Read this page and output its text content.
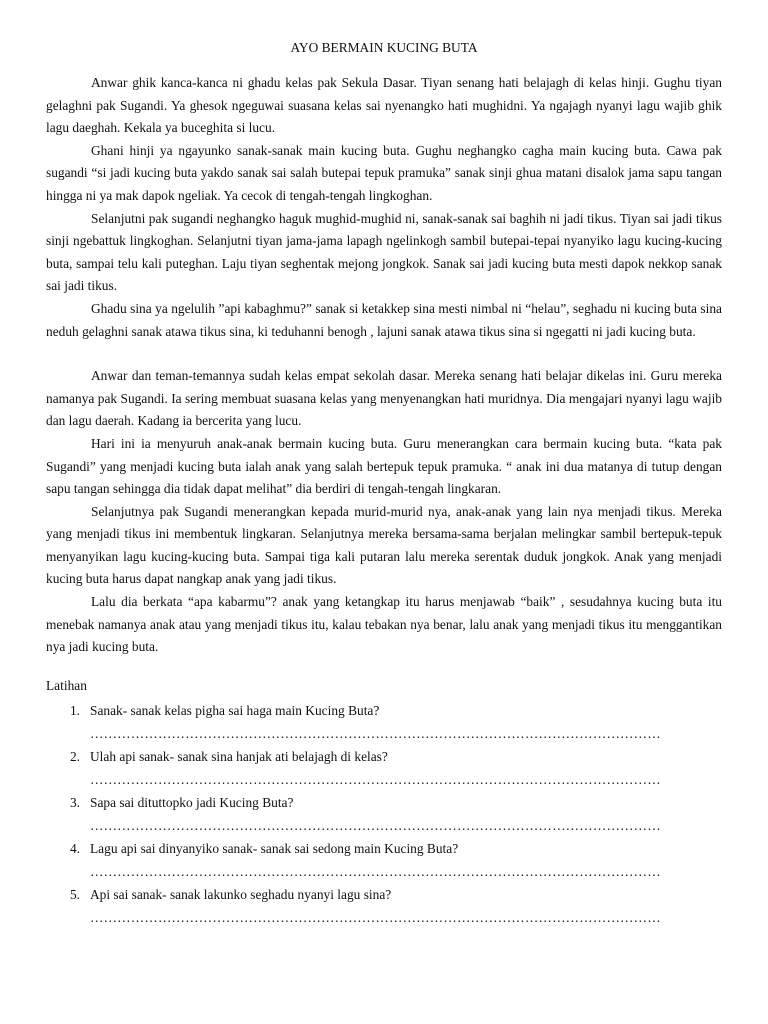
AYO BERMAIN KUCING BUTA

Anwar ghik kanca-kanca ni ghadu kelas pak Sekula Dasar. Tiyan senang hati belajagh di kelas hinji. Gughu tiyan gelaghni pak Sugandi. Ya ghesok ngeguwai suasana kelas sai nyenangko hati mughidni. Ya ngajagh nyanyi lagu wajib ghik lagu daeghah. Kekala ya buceghita si lucu.

Ghani hinji ya ngayunko sanak-sanak main kucing buta. Gughu neghangko cagha main kucing buta. Cawa pak sugandi “si jadi kucing buta yakdo sanak sai salah butepai tepuk pramuka” sanak sinji ghua matani disalok jama sapu tangan hingga ni ya mak dapok ngeliak. Ya cecok di tengah-tengah lingkoghan.

Selanjutni pak sugandi neghangko haguk mughid-mughid ni, sanak-sanak sai baghih ni jadi tikus. Tiyan sai jadi tikus sinji ngebattuk lingkoghan. Selanjutni tiyan jama-jama lapagh ngelinkogh sambil butepai-tepai nyanyiko lagu kucing-kucing buta, sampai telu kali puteghan. Laju tiyan seghentak mejong jongkok. Sanak sai jadi kucing buta mesti dapok nekkop sanak sai jadi tikus.

Ghadu sina ya ngelulih ”api kabaghmu?” sanak si ketakkep sina mesti nimbal ni “helau”, seghadu ni kucing buta sina neduh gelaghni sanak atawa tikus sina, ki teduhanni benogh , lajuni sanak atawa tikus sina si ngegatti ni jadi kucing buta.

Anwar dan teman-temannya sudah kelas empat sekolah dasar. Mereka senang hati belajar dikelas ini. Guru mereka namanya pak Sugandi. Ia sering membuat suasana kelas yang menyenangkan hati muridnya. Dia mengajari nyanyi lagu wajib dan lagu daerah. Kadang ia bercerita yang lucu.

Hari ini ia menyuruh anak-anak bermain kucing buta. Guru menerangkan cara bermain kucing buta. “kata pak Sugandi” yang menjadi kucing buta ialah anak yang salah bertepuk tepuk pramuka. “ anak ini dua matanya di tutup dengan sapu tangan sehingga dia tidak dapat melihat” dia berdiri di tengah-tengah lingkaran.

Selanjutnya pak Sugandi menerangkan kepada murid-murid nya, anak-anak yang lain nya menjadi tikus. Mereka yang menjadi tikus ini membentuk lingkaran. Selanjutnya mereka bersama-sama berjalan melingkar sambil bertepuk-tepuk menyanyikan lagu kucing-kucing buta. Sampai tiga kali putaran lalu mereka serentak duduk jongkok. Anak yang menjadi kucing buta harus dapat nangkap anak yang jadi tikus.

Lalu dia berkata “apa kabarmu”? anak yang ketangkap itu harus menjawab “baik” , sesudahnya kucing buta itu menebak namanya anak atau yang menjadi tikus itu, kalau tebakan nya benar, lalu anak yang menjadi tikus itu menggantikan nya jadi kucing buta.

Latihan
1. Sanak- sanak kelas pigha sai haga main Kucing Buta?
………………………………………………………………………………………………………………
2. Ulah api sanak- sanak sina hanjak ati belajagh di kelas?
………………………………………………………………………………………………………………
3. Sapa sai dituttopko jadi Kucing Buta?
………………………………………………………………………………………………………………
4. Lagu api sai dinyanyiko sanak- sanak sai sedong main Kucing Buta?
………………………………………………………………………………………………………………
5. Api sai sanak- sanak lakunko seghadu nyanyi lagu sina?
………………………………………………………………………………………………………………
